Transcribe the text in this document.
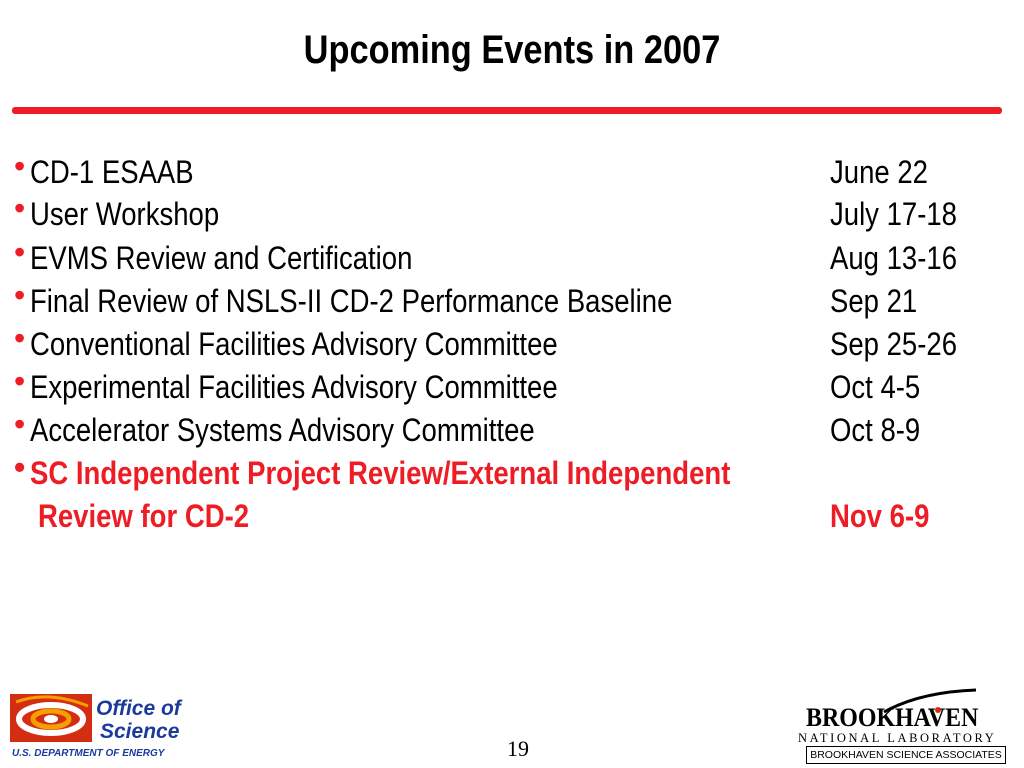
Upcoming Events in 2007
• CD-1 ESAAB	June 22
• User Workshop	July 17-18
• EVMS Review and Certification	Aug 13-16
• Final Review of NSLS-II CD-2 Performance Baseline	Sep 21
• Conventional Facilities Advisory Committee	Sep 25-26
• Experimental Facilities Advisory Committee	Oct 4-5
• Accelerator Systems Advisory Committee	Oct 8-9
• SC Independent Project Review/External Independent
Review for CD-2	Nov 6-9
Office of
Science
U.S. DEPARTMENT OF ENERGY	19
BROOKHAVEN
NATIONAL LABORATORY
BROOKHAVEN SCIENCE ASSOCIATES
